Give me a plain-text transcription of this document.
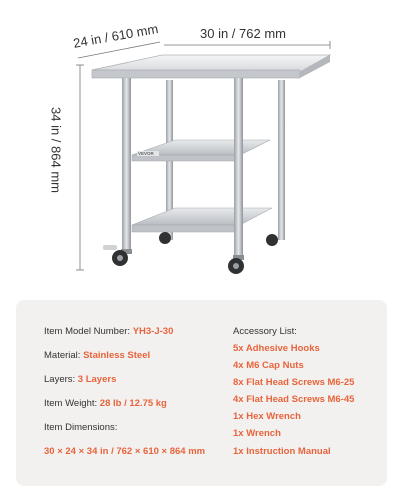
24 in / 610 mm	30 in / 762 mm
34 in / 864 mm	VEVOR
Item Model Number: YH3-J-30
Material: Stainless Steel
Layers: 3 Layers
Item Weight: 28 lb / 12.75 kg
Item Dimensions:
30 × 24 × 34 in / 762 × 610 × 864 mm
Accessory List:
5x Adhesive Hooks
4x M6 Cap Nuts
8x Flat Head Screws M6-25
4x Flat Head Screws M6-45
1x Hex Wrench
1x Wrench
1x Instruction Manual
